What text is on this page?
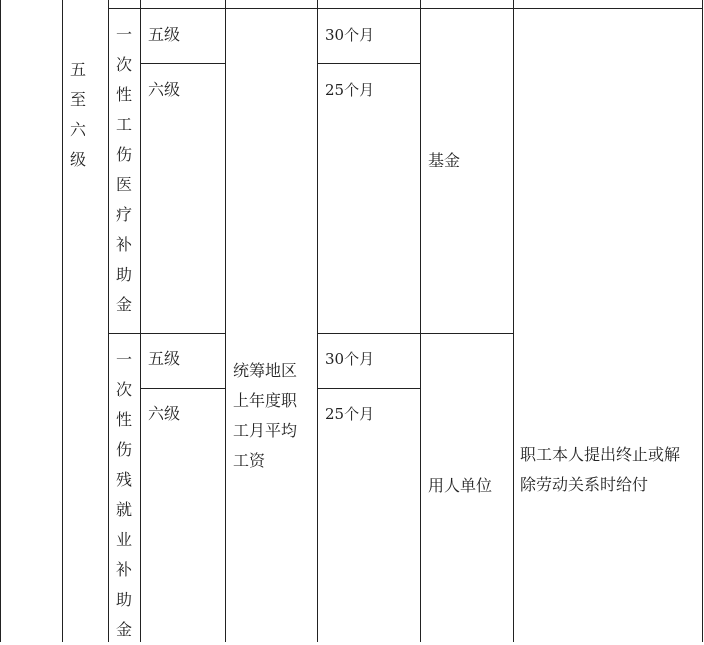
五至六级
一次性工伤医疗补助金
五级
六级
30个月
25个月
基金
统筹地区上年度职工月平均工资
一次性伤残就业补助金
五级
六级
30个月
25个月
用人单位
职工本人提出终止或解除劳动关系时给付
